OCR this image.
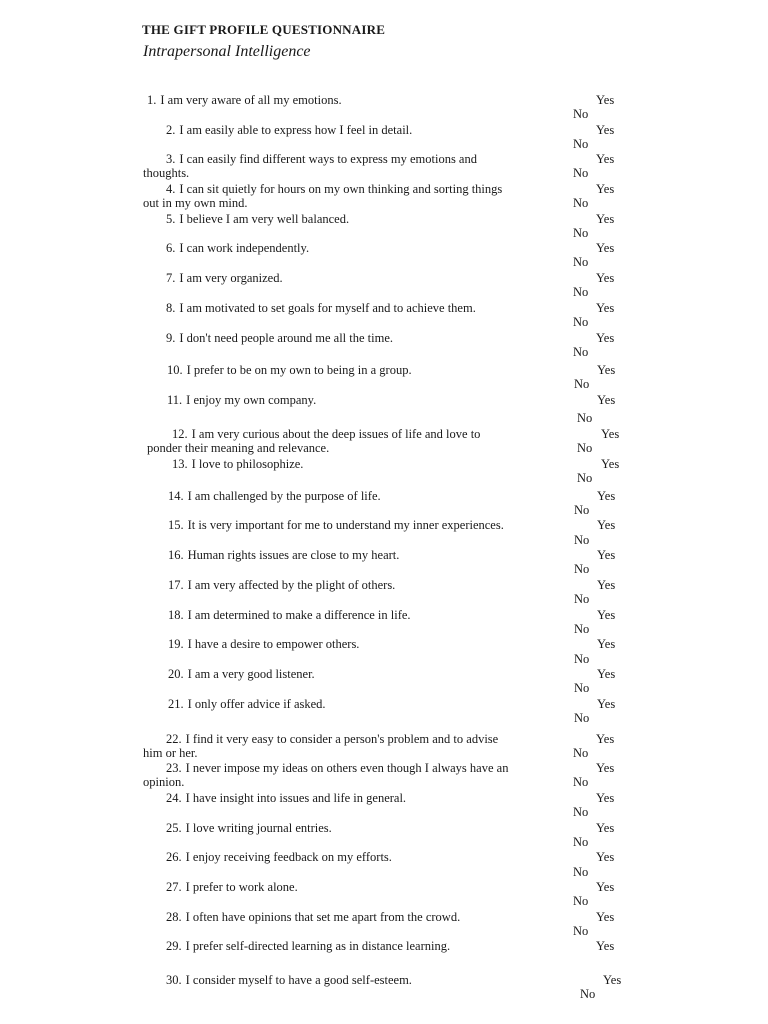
THE GIFT PROFILE QUESTIONNAIRE
Intrapersonal Intelligence
1. I am very aware of all my emotions.	Yes
No
2. I am easily able to express how I feel in detail.	Yes
No
3. I can easily find different ways to express my emotions and
thoughts.
Yes
No
4. I can sit quietly for hours on my own thinking and sorting things
out in my own mind.
Yes
No
5. I believe I am very well balanced.	Yes
No
6. I can work independently.	Yes
No
7. I am very organized.	Yes
No
8. I am motivated to set goals for myself and to achieve them.	Yes
No
9. I don't need people around me all the time.	Yes
No
10. I prefer to be on my own to being in a group.	Yes
No
11. I enjoy my own company.	Yes
No
12. I am very curious about the deep issues of life and love to
ponder their meaning and relevance.
Yes
No
13. I love to philosophize.	Yes
No
14. I am challenged by the purpose of life.	Yes
No
15. It is very important for me to understand my inner experiences.	Yes
No
16. Human rights issues are close to my heart.	Yes
No
17. I am very affected by the plight of others.	Yes
No
18. I am determined to make a difference in life.	Yes
No
19. I have a desire to empower others.	Yes
No
20. I am a very good listener.	Yes
No
21. I only offer advice if asked.	Yes
No
22. I find it very easy to consider a person's problem and to advise
him or her.
Yes
No
23. I never impose my ideas on others even though I always have an
opinion.
Yes
No
24. I have insight into issues and life in general.	Yes
No
25. I love writing journal entries.	Yes
No
26. I enjoy receiving feedback on my efforts.	Yes
No
27. I prefer to work alone.	Yes
No
28. I often have opinions that set me apart from the crowd.	Yes
No
29. I prefer self-directed learning as in distance learning.	Yes
30. I consider myself to have a good self-esteem.	Yes
No
